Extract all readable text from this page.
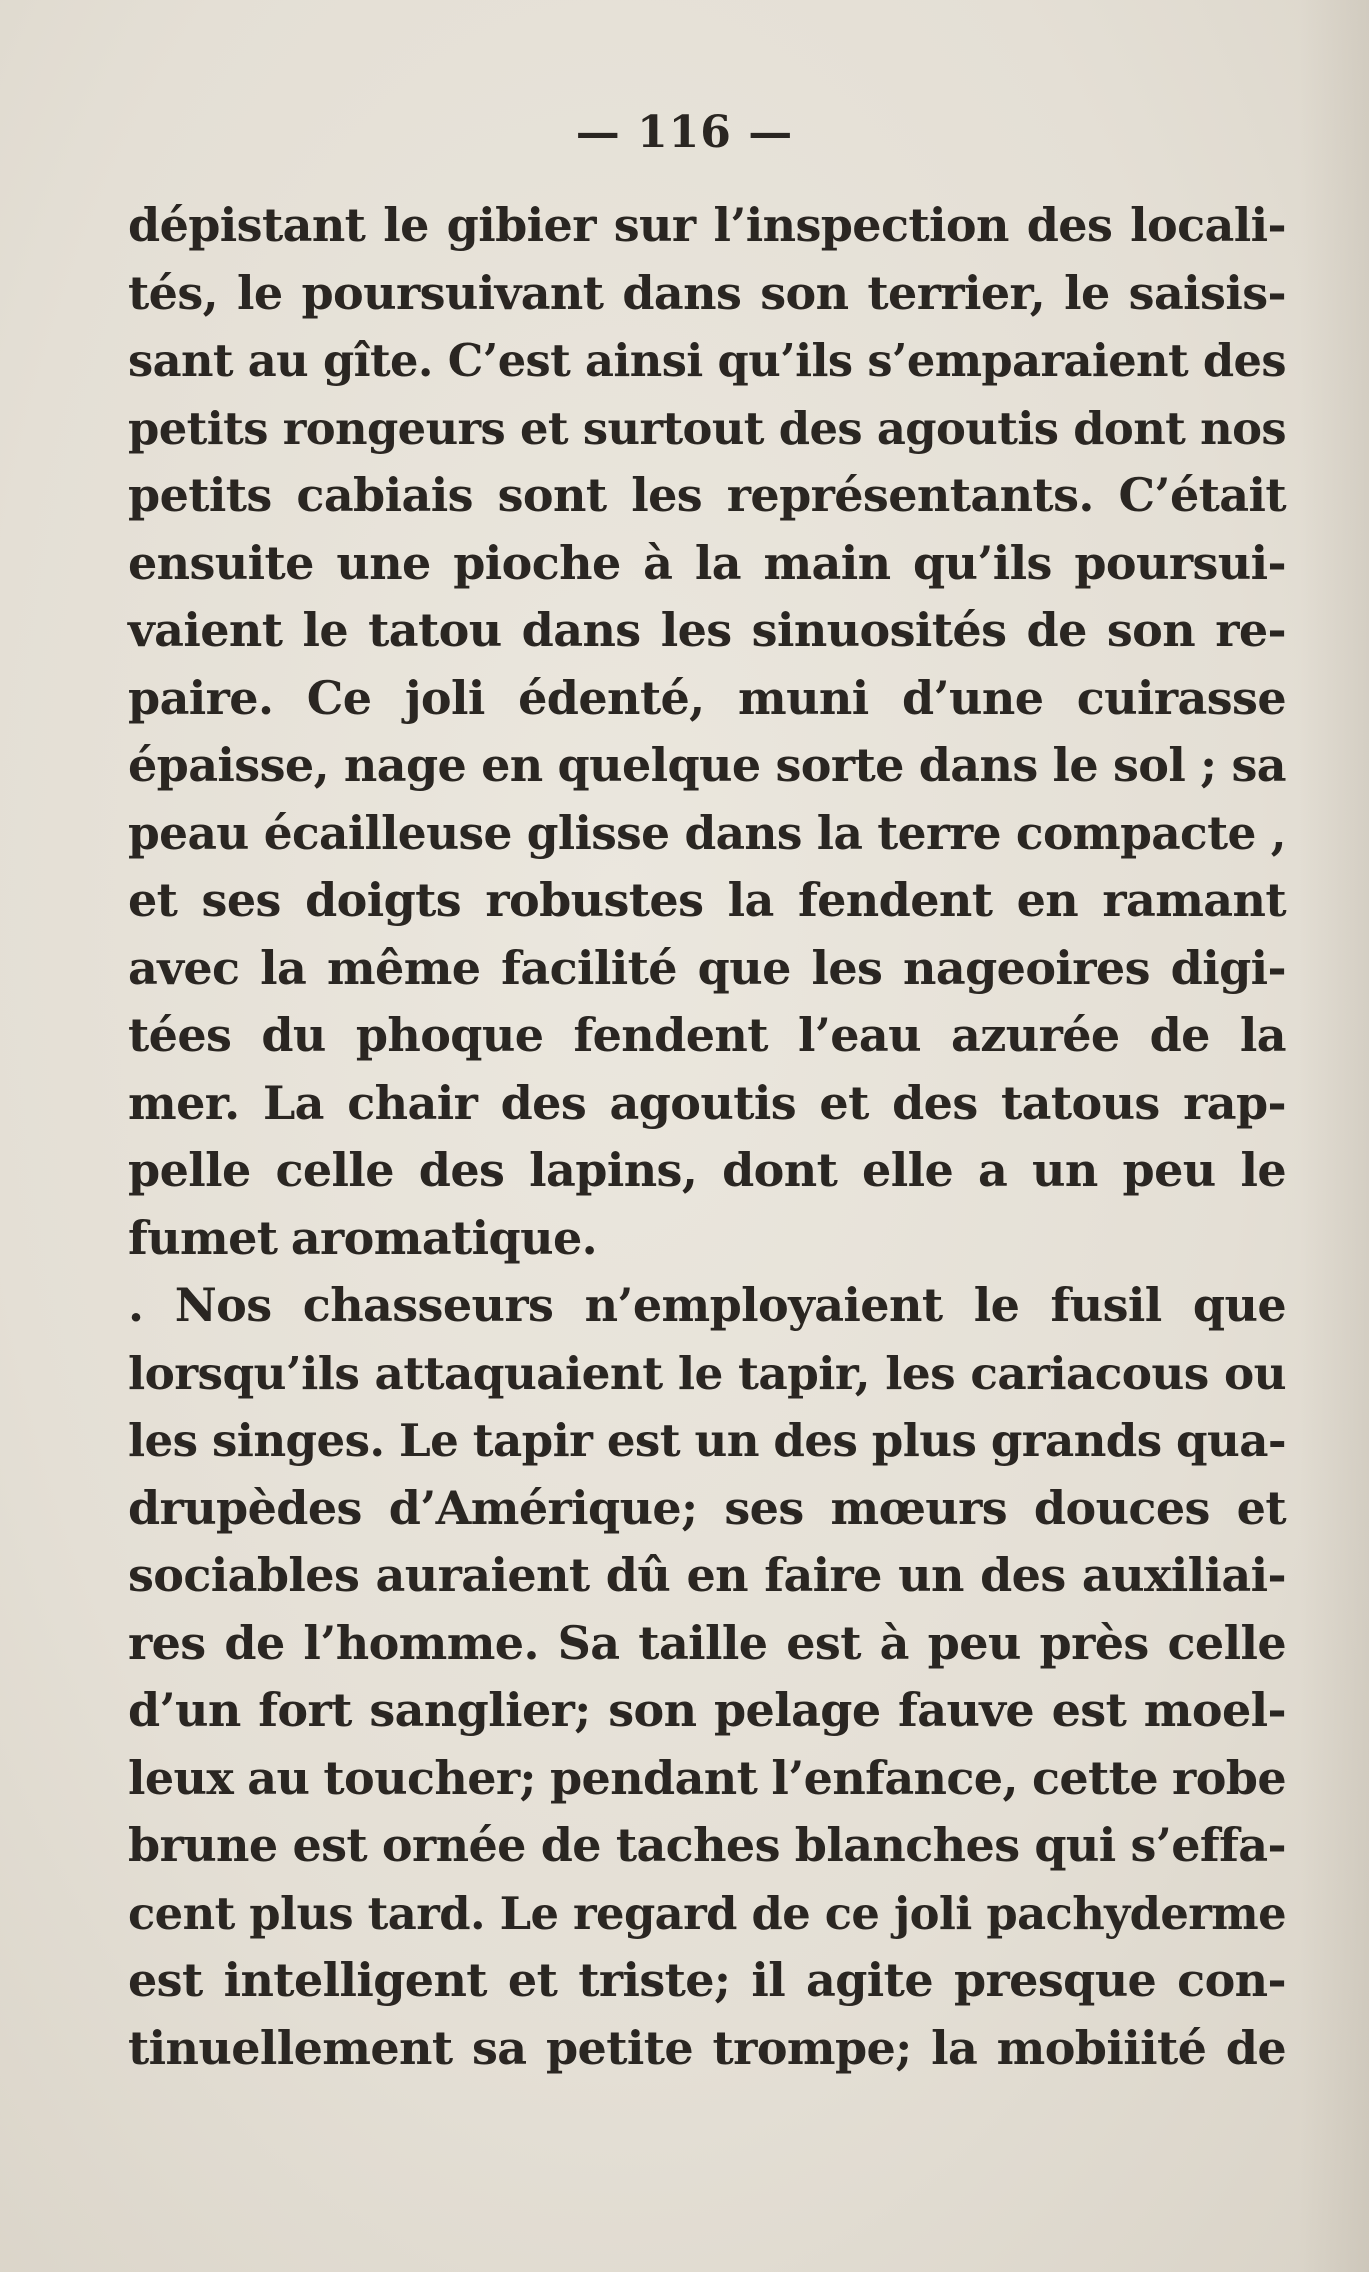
— 116 —
dépistant le gibier sur l’inspection des locali-
tés, le poursuivant dans son terrier, le saisis-
sant au gîte. C’est ainsi qu’ils s’emparaient des
petits rongeurs et surtout des agoutis dont nos
petits cabiais sont les représentants. C’était
ensuite une pioche à la main qu’ils poursui-
vaient le tatou dans les sinuosités de son re-
paire. Ce joli édenté, muni d’une cuirasse
épaisse, nage en quelque sorte dans le sol ; sa
peau écailleuse glisse dans la terre compacte ,
et ses doigts robustes la fendent en ramant
avec la même facilité que les nageoires digi-
tées du phoque fendent l’eau azurée de la
mer. La chair des agoutis et des tatous rap-
pelle celle des lapins, dont elle a un peu le
fumet aromatique.
. Nos chasseurs n’employaient le fusil que
lorsqu’ils attaquaient le tapir, les cariacous ou
les singes. Le tapir est un des plus grands qua-
drupèdes d’Amérique; ses mœurs douces et
sociables auraient dû en faire un des auxiliai-
res de l’homme. Sa taille est à peu près celle
d’un fort sanglier; son pelage fauve est moel-
leux au toucher; pendant l’enfance, cette robe
brune est ornée de taches blanches qui s’effa-
cent plus tard. Le regard de ce joli pachyderme
est intelligent et triste; il agite presque con-
tinuellement sa petite trompe; la mobiiité de
